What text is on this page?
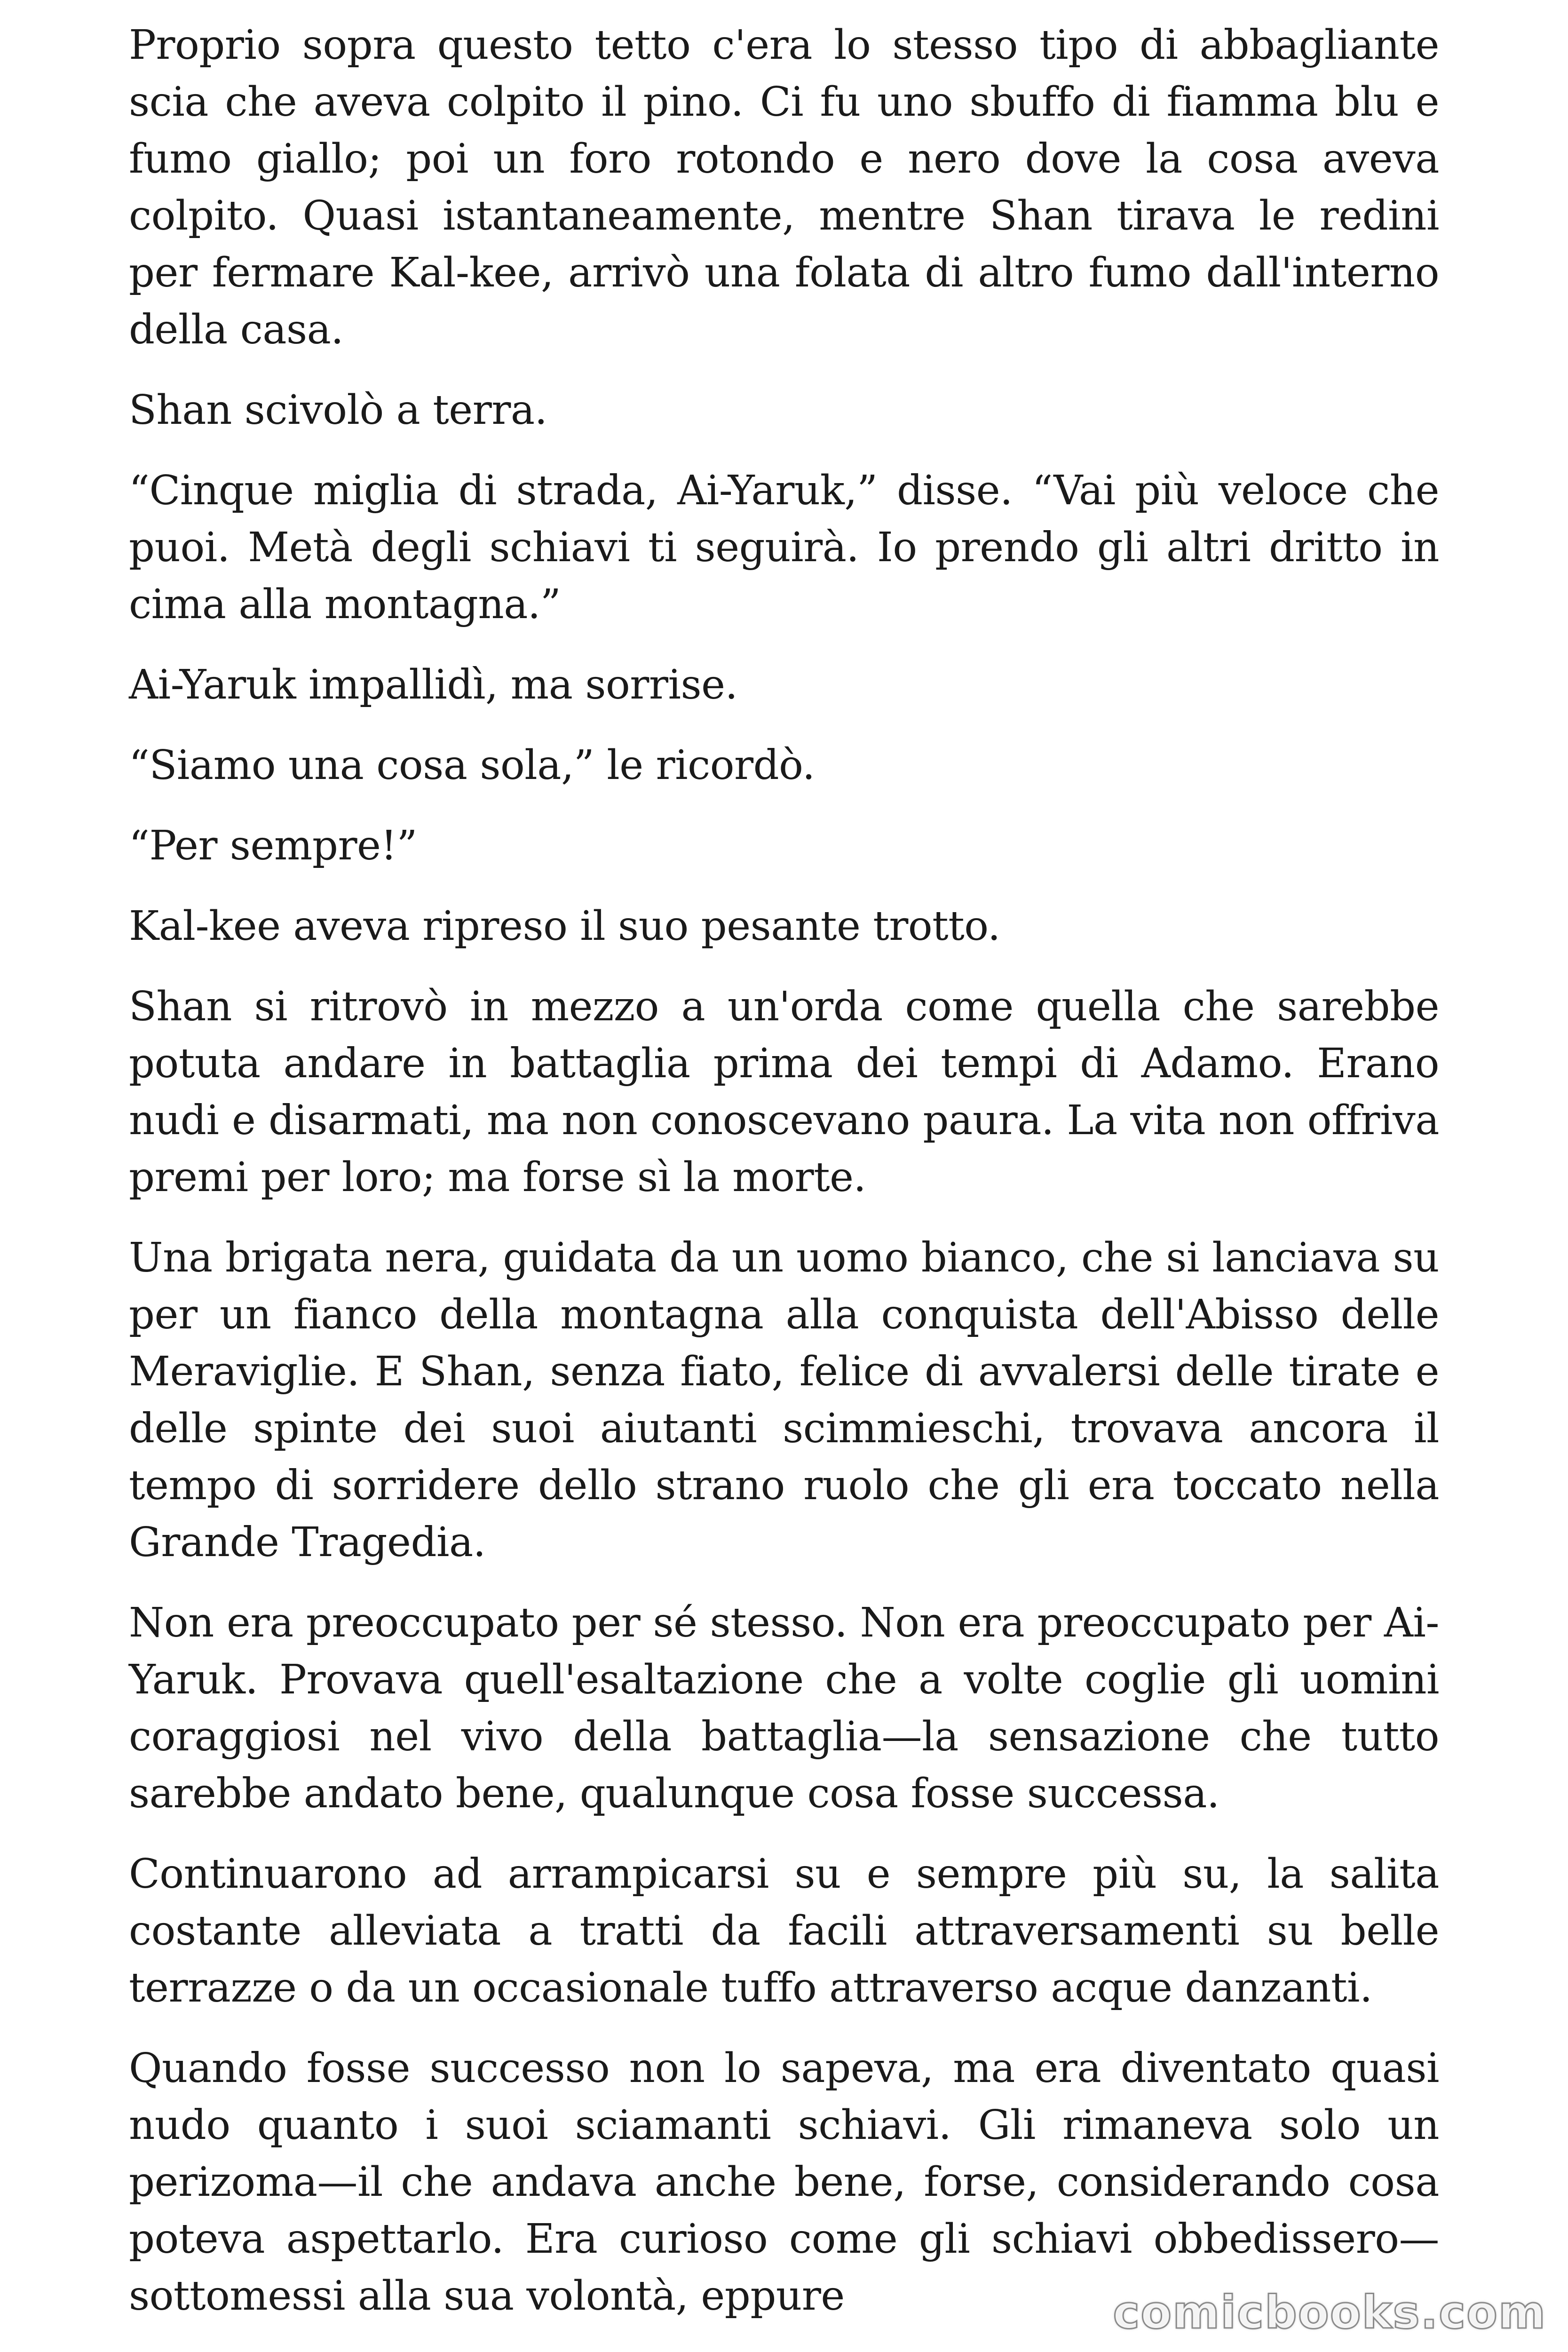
Proprio sopra questo tetto c'era lo stesso tipo di abbagliante scia che aveva colpito il pino. Ci fu uno sbuffo di fiamma blu e fumo giallo; poi un foro rotondo e nero dove la cosa aveva colpito. Quasi istantaneamente, mentre Shan tirava le redini per fermare Kal-kee, arrivò una folata di altro fumo dall'interno della casa.

Shan scivolò a terra.

“Cinque miglia di strada, Ai-Yaruk,” disse. “Vai più veloce che puoi. Metà degli schiavi ti seguirà. Io prendo gli altri dritto in cima alla montagna.”

Ai-Yaruk impallidì, ma sorrise.

“Siamo una cosa sola,” le ricordò.

“Per sempre!”

Kal-kee aveva ripreso il suo pesante trotto.

Shan si ritrovò in mezzo a un'orda come quella che sarebbe potuta andare in battaglia prima dei tempi di Adamo. Erano nudi e disarmati, ma non conoscevano paura. La vita non offriva premi per loro; ma forse sì la morte.

Una brigata nera, guidata da un uomo bianco, che si lanciava su per un fianco della montagna alla conquista dell'Abisso delle Meraviglie. E Shan, senza fiato, felice di avvalersi delle tirate e delle spinte dei suoi aiutanti scimmieschi, trovava ancora il tempo di sorridere dello strano ruolo che gli era toccato nella Grande Tragedia.

Non era preoccupato per sé stesso. Non era preoccupato per Ai-Yaruk. Provava quell'esaltazione che a volte coglie gli uomini coraggiosi nel vivo della battaglia—la sensazione che tutto sarebbe andato bene, qualunque cosa fosse successa.

Continuarono ad arrampicarsi su e sempre più su, la salita costante alleviata a tratti da facili attraversamenti su belle terrazze o da un occasionale tuffo attraverso acque danzanti.

Quando fosse successo non lo sapeva, ma era diventato quasi nudo quanto i suoi sciamanti schiavi. Gli rimaneva solo un perizoma—il che andava anche bene, forse, considerando cosa poteva aspettarlo. Era curioso come gli schiavi obbedissero—sottomessi alla sua volontà, eppure	comicbooks.com
